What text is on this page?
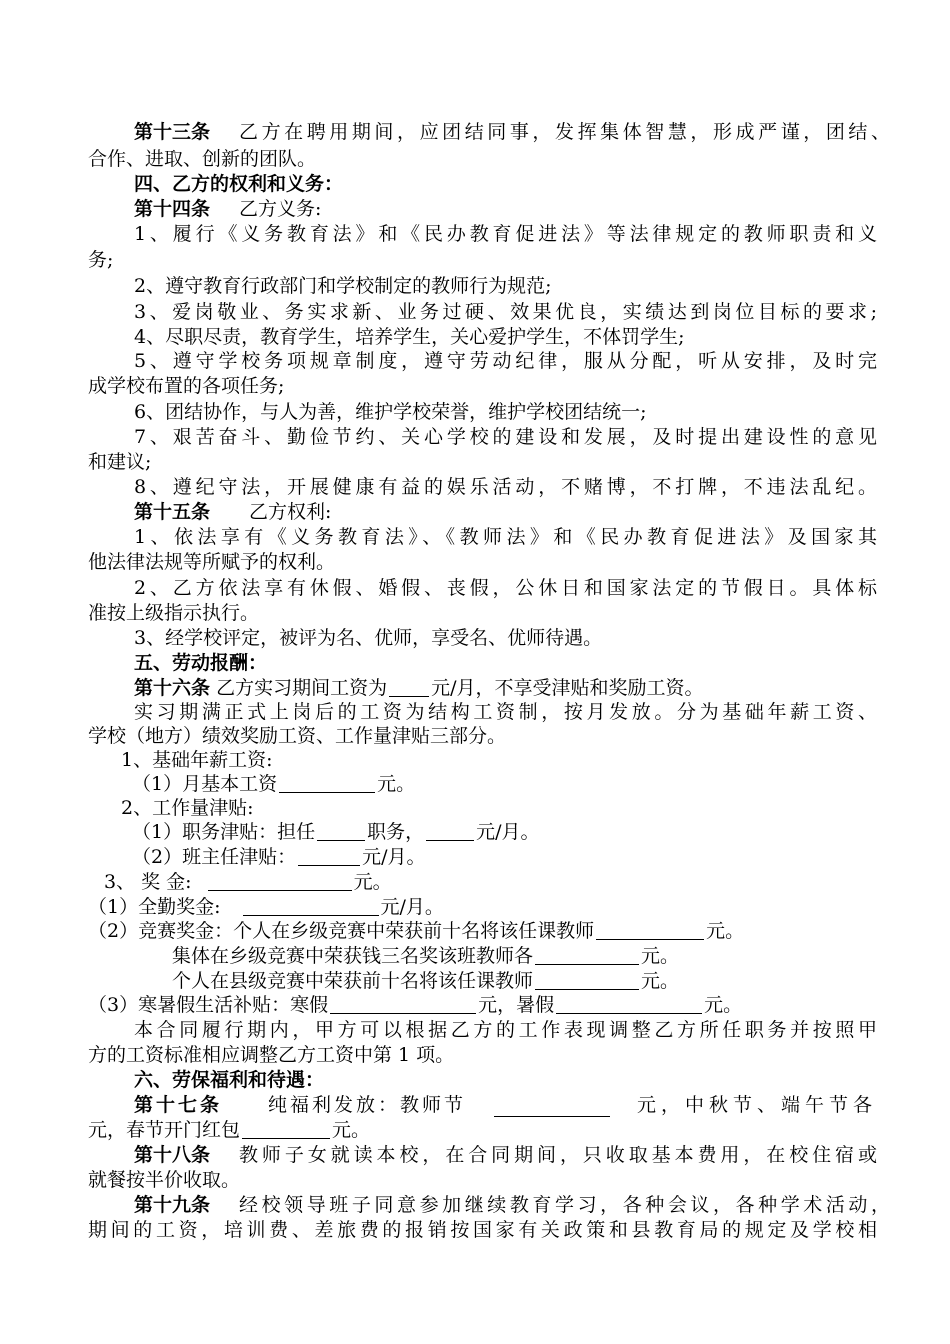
第十三条 乙方在聘用期间，应团结同事，发挥集体智慧，形成严谨，团结、
合作、进取、创新的团队。
四、乙方的权利和义务：
第十四条 乙方义务:
1、履行《义务教育法》和《民办教育促进法》等法律规定的教师职责和义
务;
2、遵守教育行政部门和学校制定的教师行为规范;
3、爱岗敬业、务实求新、业务过硬、效果优良，实绩达到岗位目标的要求;
4、尽职尽责，教育学生，培养学生，关心爱护学生，不体罚学生;
5、遵守学校务项规章制度，遵守劳动纪律，服从分配，听从安排，及时完
成学校布置的各项任务;
6、团结协作，与人为善，维护学校荣誉，维护学校团结统一;
7、艰苦奋斗、勤俭节约、关心学校的建设和发展，及时提出建设性的意见
和建议;
8、遵纪守法，开展健康有益的娱乐活动，不赌博，不打牌，不违法乱纪。
第十五条 乙方权利:
1、依法享有《义务教育法》、《教师法》和《民办教育促进法》及国家其
他法律法规等所赋予的权利。
2、乙方依法享有休假、婚假、丧假，公休日和国家法定的节假日。具体标
准按上级指示执行。
3、经学校评定，被评为名、优师，享受名、优师待遇。
五、劳动报酬：
第十六条 乙方实习期间工资为 元/月，不享受津贴和奖励工资。
实习期满正式上岗后的工资为结构工资制，按月发放。分为基础年薪工资、
学校（地方）绩效奖励工资、工作量津贴三部分。
1、基础年薪工资:
（1）月基本工资	元。
2、工作量津贴:
（1）职务津贴：担任	职务，	元/月。
（2）班主任津贴：	元/月。
3、 奖 金:	元。
（1）全勤奖金:	元/月。
（2）竞赛奖金：个人在乡级竞赛中荣获前十名将该任课教师	元。
集体在乡级竞赛中荣获钱三名奖该班教师各	元。
个人在县级竞赛中荣获前十名将该任课教师	元。
（3）寒暑假生活补贴：寒假	元，暑假	元。
本合同履行期内，甲方可以根据乙方的工作表现调整乙方所任职务并按照甲
方的工资标准相应调整乙方工资中第 1 项。
六、劳保福利和待遇：
第十七条 纯福利发放：教师节	元，中秋节、端午节各
元，春节开门红包	元。
第十八条 教师子女就读本校，在合同期间，只收取基本费用，在校住宿或
就餐按半价收取。
第十九条 经校领导班子同意参加继续教育学习，各种会议，各种学术活动，
期间的工资，培训费、差旅费的报销按国家有关政策和县教育局的规定及学校相
